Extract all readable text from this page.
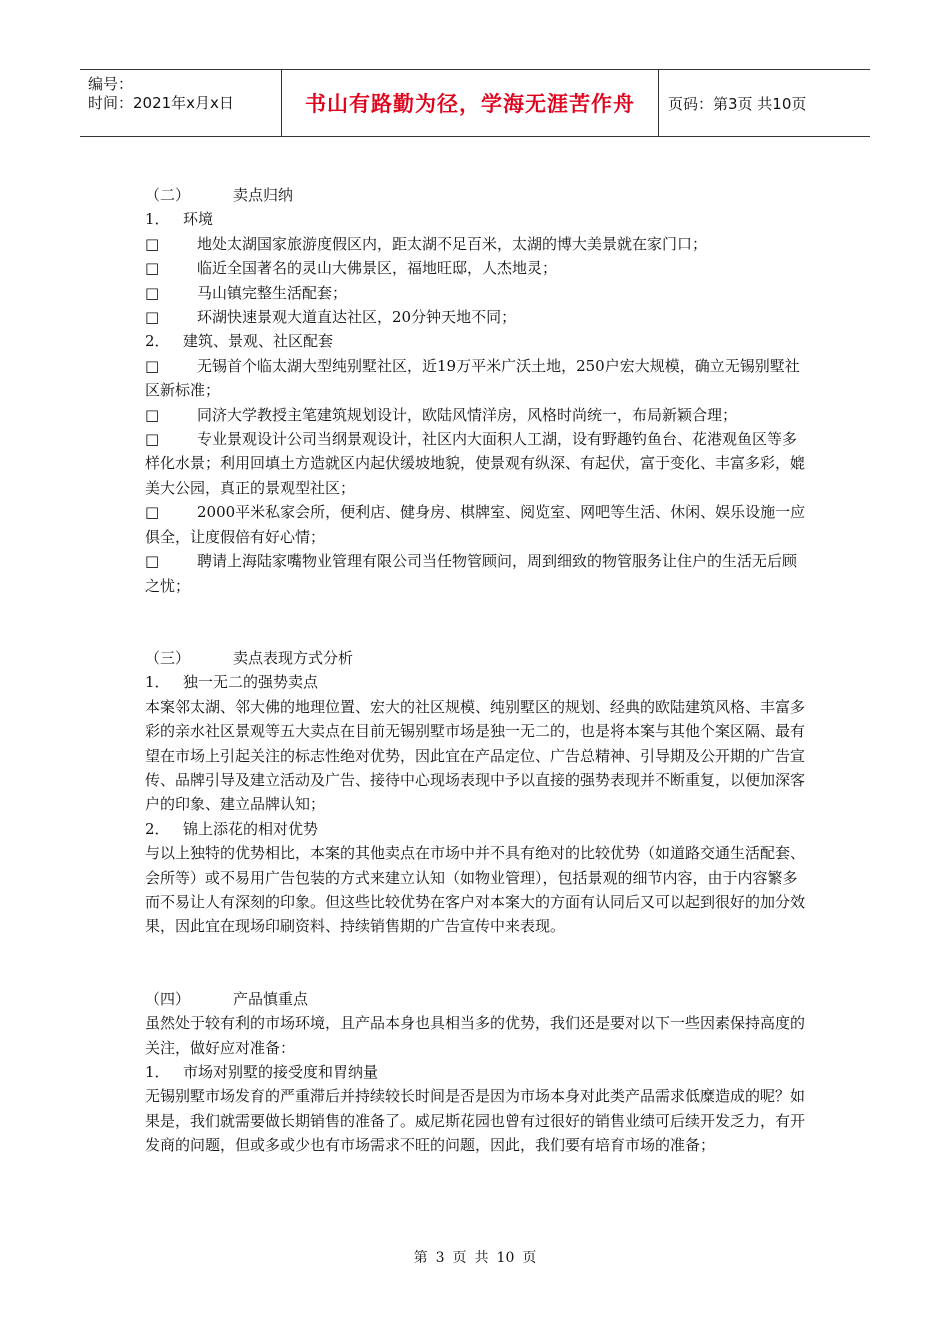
编号：
时间：2021年x月x日	书山有路勤为径，学海无涯苦作舟	页码：第3页 共10页

（二）	卖点归纳

1． 环境

□	地处太湖国家旅游度假区内，距太湖不足百米，太湖的博大美景就在家门口；

□	临近全国著名的灵山大佛景区，福地旺邸，人杰地灵；

□	马山镇完整生活配套；

□	环湖快速景观大道直达社区，20分钟天地不同；

2． 建筑、景观、社区配套

□	无锡首个临太湖大型纯别墅社区，近19万平米广沃土地，250户宏大规模，确立无锡别墅社区新标准；

□	同济大学教授主笔建筑规划设计，欧陆风情洋房，风格时尚统一，布局新颖合理；

□	专业景观设计公司当纲景观设计，社区内大面积人工湖，设有野趣钓鱼台、花港观鱼区等多样化水景；利用回填土方造就区内起伏缓坡地貌，使景观有纵深、有起伏，富于变化、丰富多彩，媲美大公园，真正的景观型社区；

□	2000平米私家会所，便利店、健身房、棋牌室、阅览室、网吧等生活、休闲、娱乐设施一应俱全，让度假倍有好心情；

□	聘请上海陆家嘴物业管理有限公司当任物管顾问，周到细致的物管服务让住户的生活无后顾之忧；

（三）	卖点表现方式分析

1． 独一无二的强势卖点

本案邻太湖、邻大佛的地理位置、宏大的社区规模、纯别墅区的规划、经典的欧陆建筑风格、丰富多彩的亲水社区景观等五大卖点在目前无锡别墅市场是独一无二的，也是将本案与其他个案区隔、最有望在市场上引起关注的标志性绝对优势，因此宜在产品定位、广告总精神、引导期及公开期的广告宣传、品牌引导及建立活动及广告、接待中心现场表现中予以直接的强势表现并不断重复，以便加深客户的印象、建立品牌认知；

2． 锦上添花的相对优势

与以上独特的优势相比，本案的其他卖点在市场中并不具有绝对的比较优势（如道路交通生活配套、会所等）或不易用广告包装的方式来建立认知（如物业管理），包括景观的细节内容，由于内容繁多而不易让人有深刻的印象。但这些比较优势在客户对本案大的方面有认同后又可以起到很好的加分效果，因此宜在现场印刷资料、持续销售期的广告宣传中来表现。

（四）	产品慎重点

虽然处于较有利的市场环境，且产品本身也具相当多的优势，我们还是要对以下一些因素保持高度的关注，做好应对准备：

1． 市场对别墅的接受度和胃纳量

无锡别墅市场发育的严重滞后并持续较长时间是否是因为市场本身对此类产品需求低糜造成的呢？如果是，我们就需要做长期销售的准备了。威尼斯花园也曾有过很好的销售业绩可后续开发乏力，有开发商的问题，但或多或少也有市场需求不旺的问题，因此，我们要有培育市场的准备；

第 3 页 共 10 页
